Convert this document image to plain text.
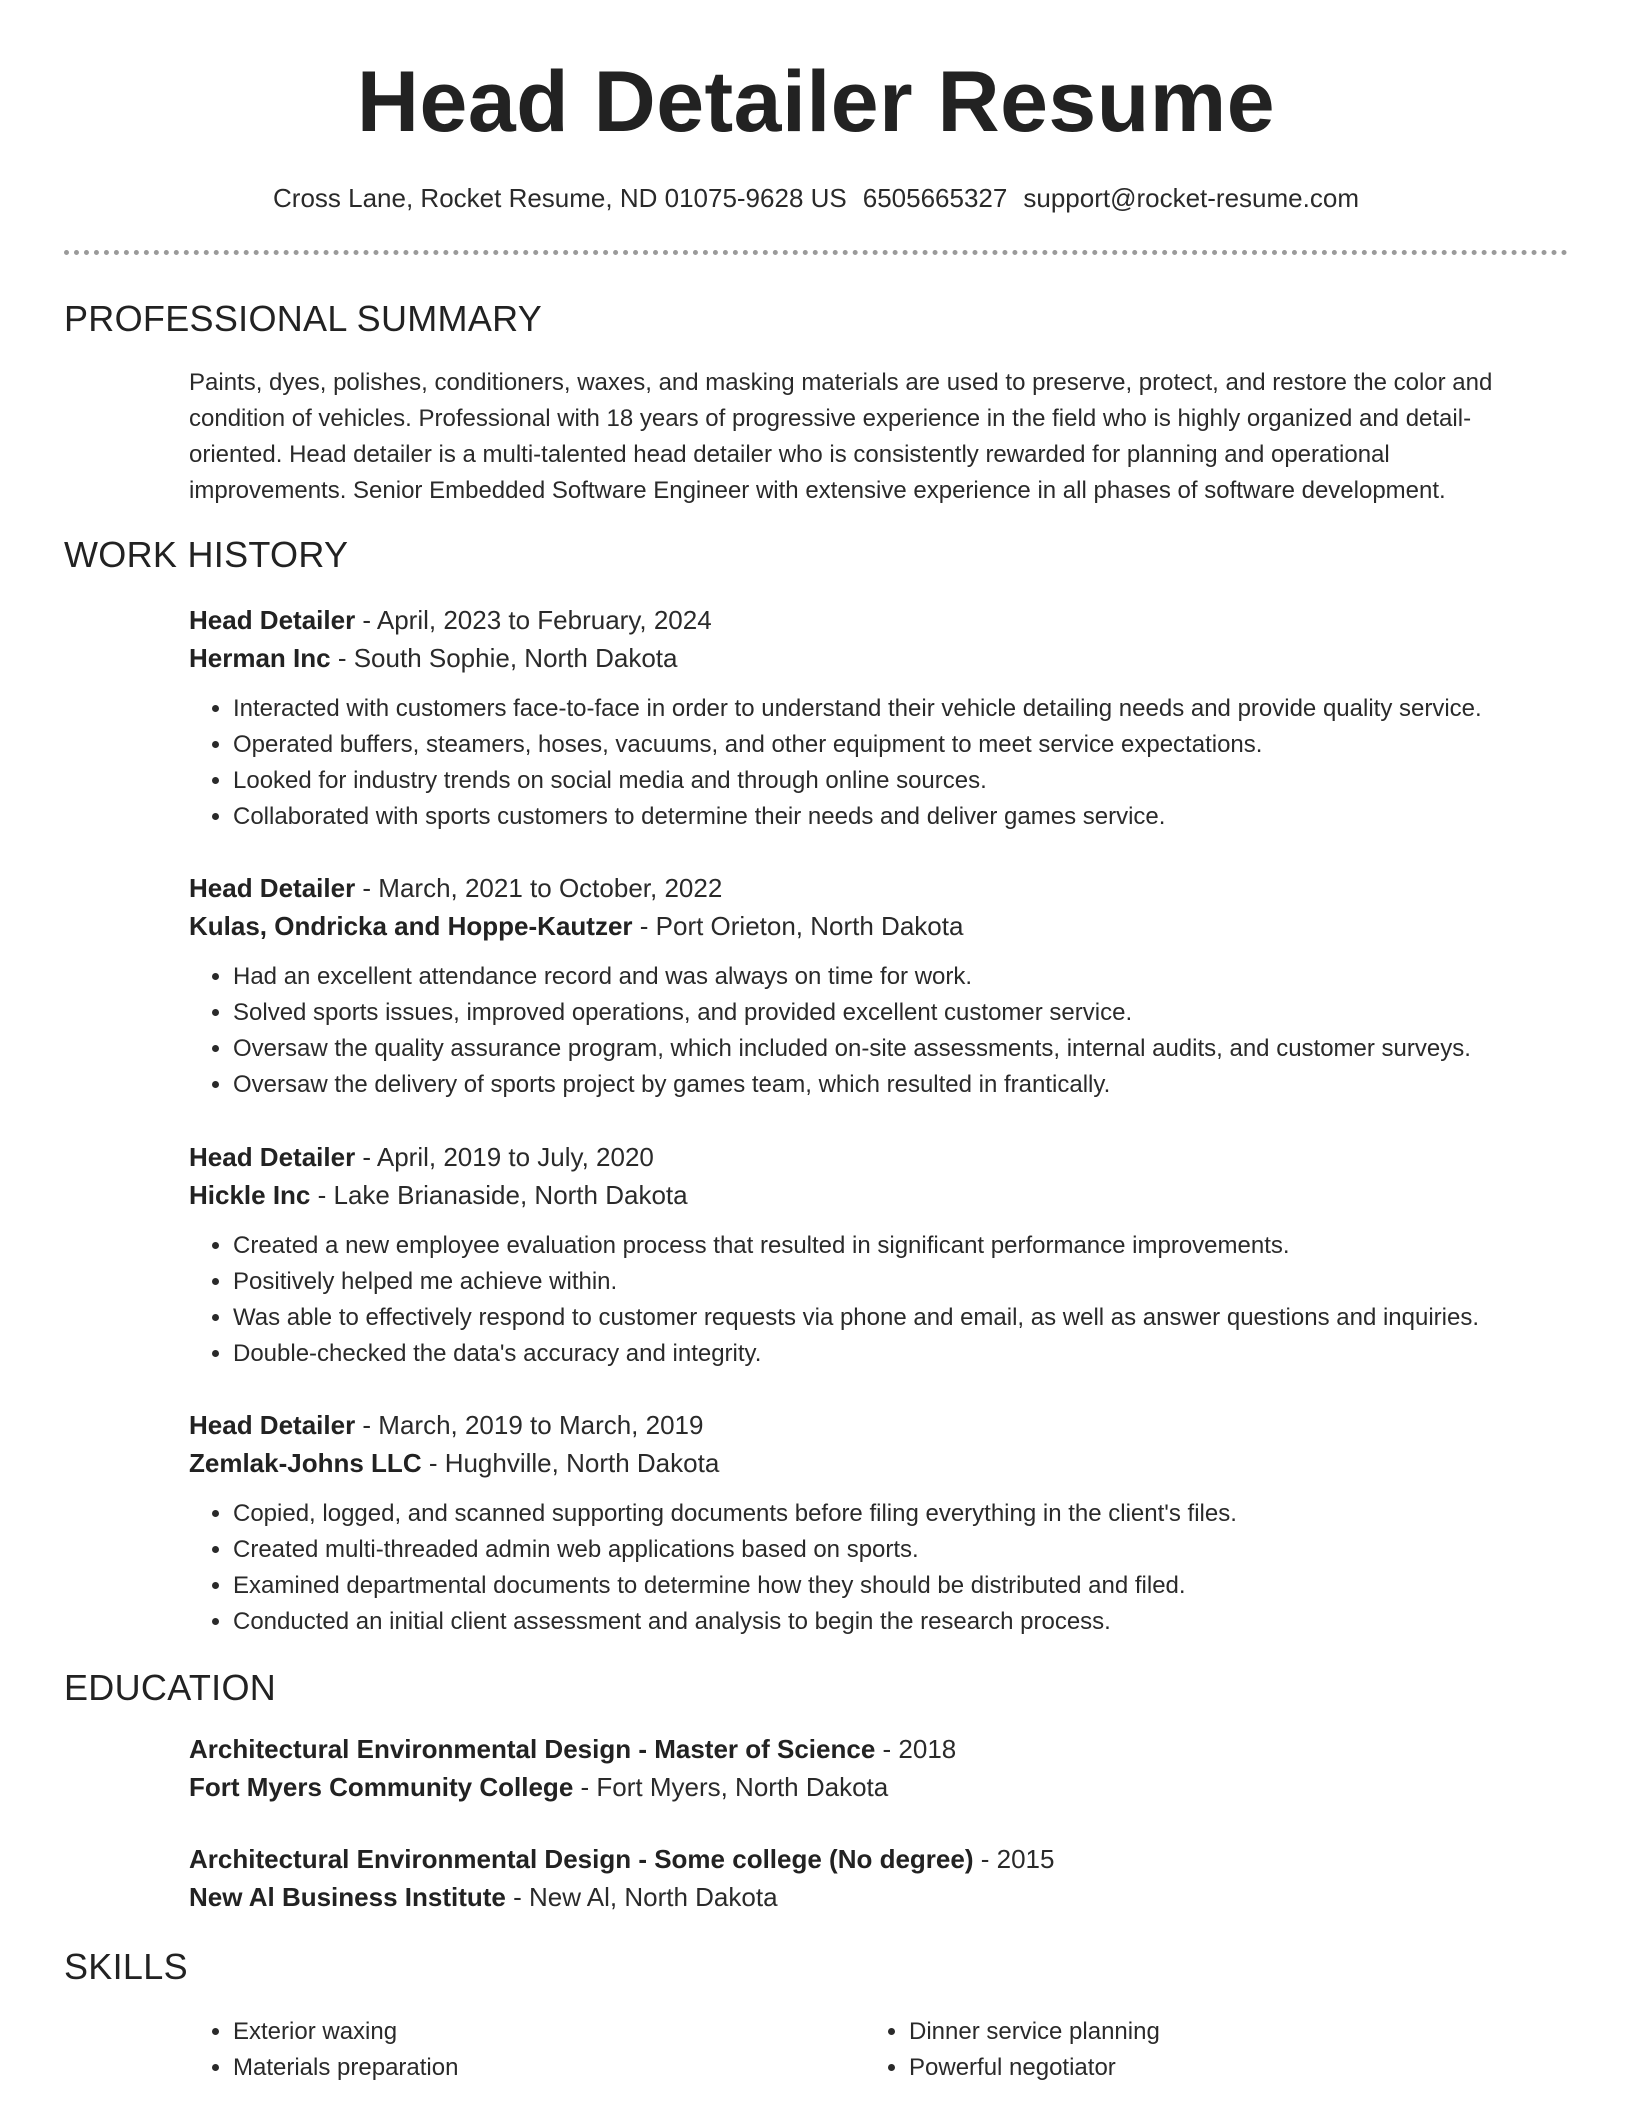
Head Detailer Resume
Cross Lane, Rocket Resume, ND 01075-9628 US 6505665327 support@rocket-resume.com
PROFESSIONAL SUMMARY

Paints, dyes, polishes, conditioners, waxes, and masking materials are used to preserve, protect, and restore the color and condition of vehicles. Professional with 18 years of progressive experience in the field who is highly organized and detail-oriented. Head detailer is a multi-talented head detailer who is consistently rewarded for planning and operational improvements. Senior Embedded Software Engineer with extensive experience in all phases of software development.

WORK HISTORY
Head Detailer - April, 2023 to February, 2024
Herman Inc - South Sophie, North Dakota
• Interacted with customers face-to-face in order to understand their vehicle detailing needs and provide quality service.
• Operated buffers, steamers, hoses, vacuums, and other equipment to meet service expectations.
• Looked for industry trends on social media and through online sources.
• Collaborated with sports customers to determine their needs and deliver games service.
Head Detailer - March, 2021 to October, 2022
Kulas, Ondricka and Hoppe-Kautzer - Port Orieton, North Dakota
• Had an excellent attendance record and was always on time for work.
• Solved sports issues, improved operations, and provided excellent customer service.
• Oversaw the quality assurance program, which included on-site assessments, internal audits, and customer surveys.
• Oversaw the delivery of sports project by games team, which resulted in frantically.
Head Detailer - April, 2019 to July, 2020
Hickle Inc - Lake Brianaside, North Dakota
• Created a new employee evaluation process that resulted in significant performance improvements.
• Positively helped me achieve within.
• Was able to effectively respond to customer requests via phone and email, as well as answer questions and inquiries.
• Double-checked the data's accuracy and integrity.
Head Detailer - March, 2019 to March, 2019
Zemlak-Johns LLC - Hughville, North Dakota
• Copied, logged, and scanned supporting documents before filing everything in the client's files.
• Created multi-threaded admin web applications based on sports.
• Examined departmental documents to determine how they should be distributed and filed.
• Conducted an initial client assessment and analysis to begin the research process.
EDUCATION
Architectural Environmental Design - Master of Science - 2018
Fort Myers Community College - Fort Myers, North Dakota
Architectural Environmental Design - Some college (No degree) - 2015
New Al Business Institute - New Al, North Dakota
SKILLS
• Exterior waxing
• Materials preparation
• Dinner service planning
• Powerful negotiator
